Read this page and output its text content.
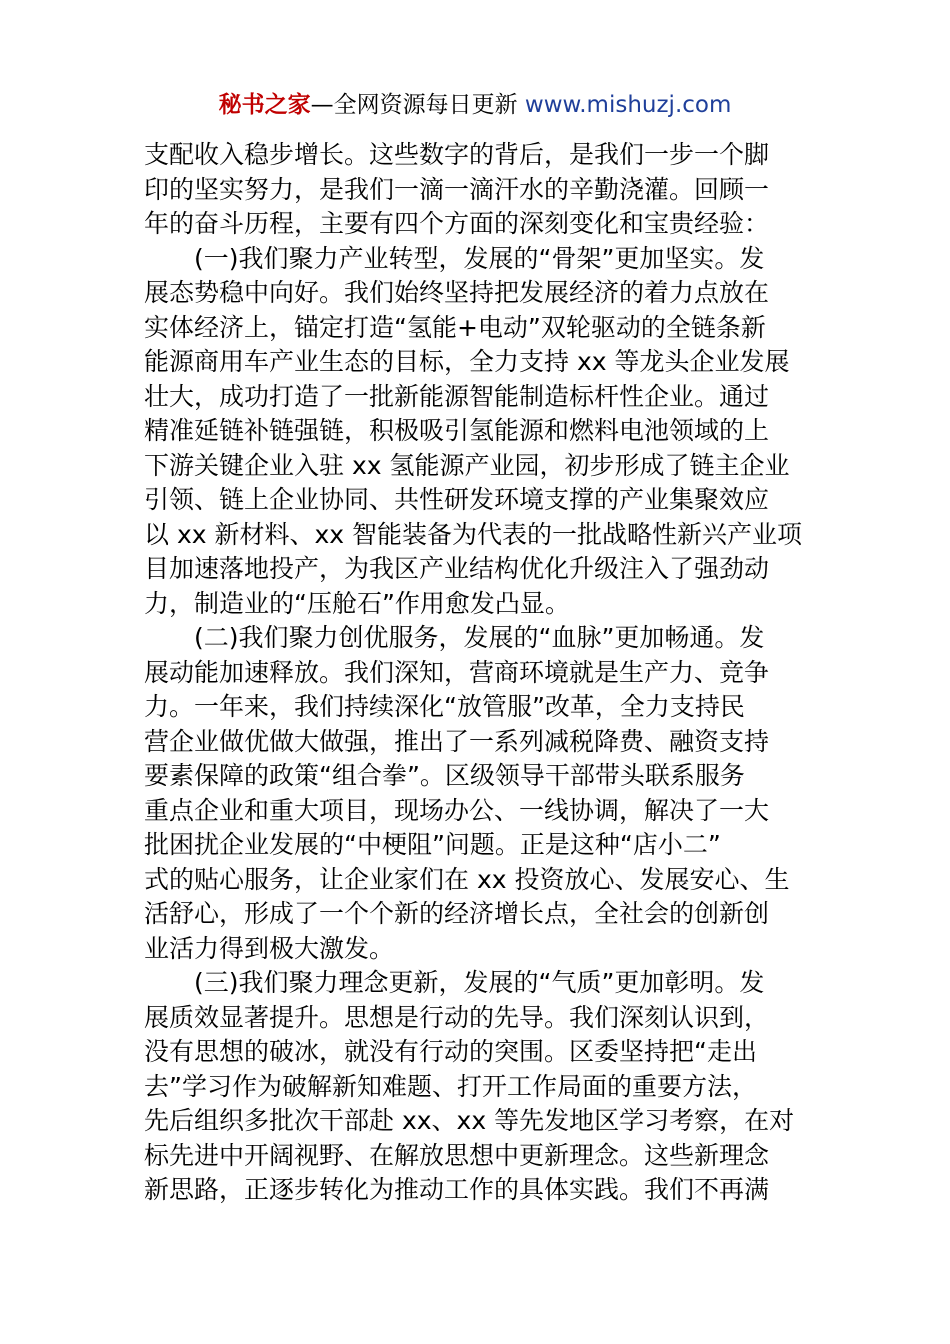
秘书之家—全网资源每日更新 www.mishuzj.com
支配收入稳步增长。这些数字的背后，是我们一步一个脚
印的坚实努力，是我们一滴一滴汗水的辛勤浇灌。回顾一
年的奋斗历程，主要有四个方面的深刻变化和宝贵经验：
(一)我们聚力产业转型，发展的“骨架”更加坚实。发
展态势稳中向好。我们始终坚持把发展经济的着力点放在
实体经济上，锚定打造“氢能+电动”双轮驱动的全链条新
能源商用车产业生态的目标，全力支持 xx 等龙头企业发展
壮大，成功打造了一批新能源智能制造标杆性企业。通过
精准延链补链强链，积极吸引氢能源和燃料电池领域的上
下游关键企业入驻 xx 氢能源产业园，初步形成了链主企业
引领、链上企业协同、共性研发环境支撑的产业集聚效应
以 xx 新材料、xx 智能装备为代表的一批战略性新兴产业项
目加速落地投产，为我区产业结构优化升级注入了强劲动
力，制造业的“压舱石”作用愈发凸显。
(二)我们聚力创优服务，发展的“血脉”更加畅通。发
展动能加速释放。我们深知，营商环境就是生产力、竞争
力。一年来，我们持续深化“放管服”改革，全力支持民
营企业做优做大做强，推出了一系列减税降费、融资支持
要素保障的政策“组合拳”。区级领导干部带头联系服务
重点企业和重大项目，现场办公、一线协调，解决了一大
批困扰企业发展的“中梗阻”问题。正是这种“店小二”
式的贴心服务，让企业家们在 xx 投资放心、发展安心、生
活舒心，形成了一个个新的经济增长点，全社会的创新创
业活力得到极大激发。
(三)我们聚力理念更新，发展的“气质”更加彰明。发
展质效显著提升。思想是行动的先导。我们深刻认识到，
没有思想的破冰，就没有行动的突围。区委坚持把“走出
去”学习作为破解新知难题、打开工作局面的重要方法，
先后组织多批次干部赴 xx、xx 等先发地区学习考察，在对
标先进中开阔视野、在解放思想中更新理念。这些新理念
新思路，正逐步转化为推动工作的具体实践。我们不再满
